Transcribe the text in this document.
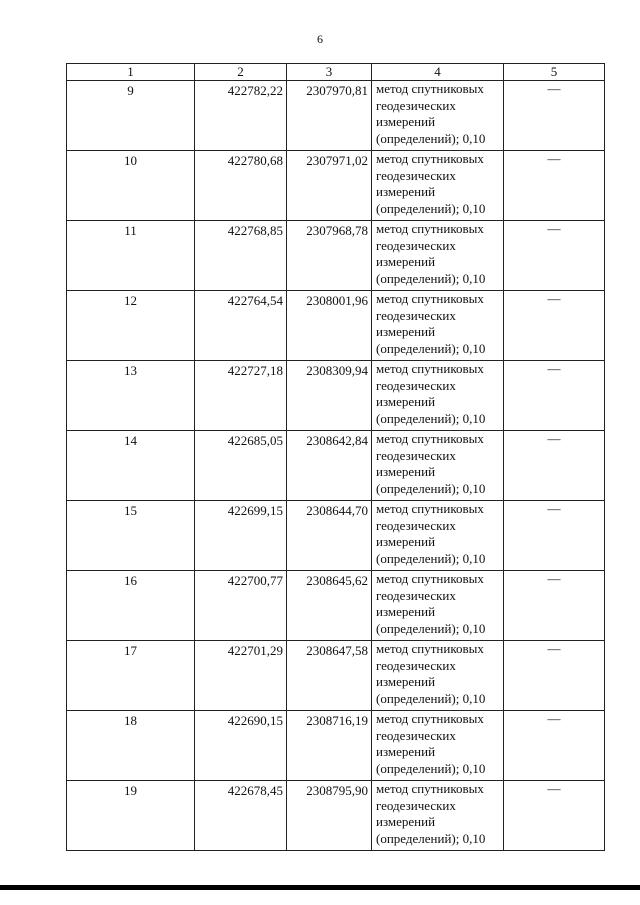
6
1	2	3	4	5
9	422782,22	2307970,81	метод спутниковых геодезических измерений (определений); 0,10	—
10	422780,68	2307971,02	метод спутниковых геодезических измерений (определений); 0,10	—
11	422768,85	2307968,78	метод спутниковых геодезических измерений (определений); 0,10	—
12	422764,54	2308001,96	метод спутниковых геодезических измерений (определений); 0,10	—
13	422727,18	2308309,94	метод спутниковых геодезических измерений (определений); 0,10	—
14	422685,05	2308642,84	метод спутниковых геодезических измерений (определений); 0,10	—
15	422699,15	2308644,70	метод спутниковых геодезических измерений (определений); 0,10	—
16	422700,77	2308645,62	метод спутниковых геодезических измерений (определений); 0,10	—
17	422701,29	2308647,58	метод спутниковых геодезических измерений (определений); 0,10	—
18	422690,15	2308716,19	метод спутниковых геодезических измерений (определений); 0,10	—
19	422678,45	2308795,90	метод спутниковых геодезических измерений (определений); 0,10	—
